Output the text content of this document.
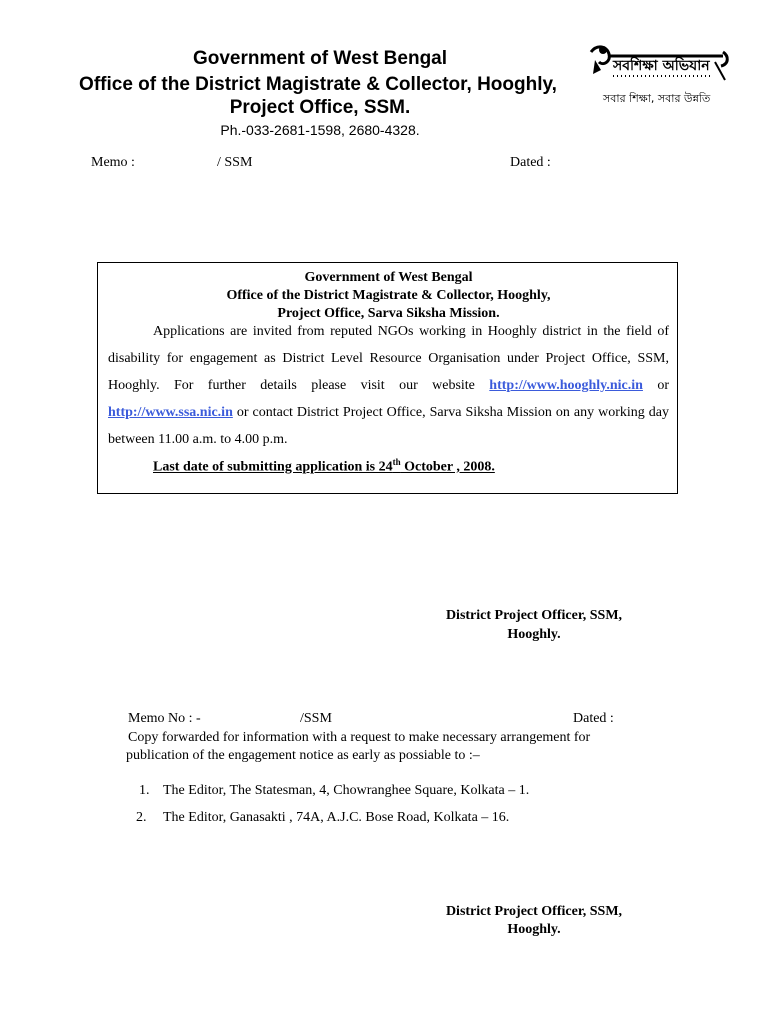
Government of West Bengal
Office of the District Magistrate & Collector, Hooghly,
Project Office, SSM.
Ph.-033-2681-1598, 2680-4328.
সবশিক্ষা অভিযান
সবার শিক্ষা, সবার উন্নতি
Memo :	/ SSM	Dated :
Government of West Bengal
Office of the District Magistrate & Collector, Hooghly,
Project Office, Sarva Siksha Mission.
Applications are invited from reputed NGOs working in Hooghly district in the field of disability for engagement as District Level Resource Organisation under Project Office, SSM, Hooghly. For further details please visit our website http://www.hooghly.nic.in or http://www.ssa.nic.in or contact District Project Office, Sarva Siksha Mission on any working day between 11.00 a.m. to 4.00 p.m.
Last date of submitting application is 24th October , 2008.
District Project Officer, SSM,
Hooghly.
Memo No : -	/SSM	Dated :
Copy forwarded for information with a request to make necessary arrangement for
publication of the engagement notice as early as possiable to :–
1. The Editor, The Statesman, 4, Chowranghee Square, Kolkata – 1.
2. The Editor, Ganasakti , 74A, A.J.C. Bose Road, Kolkata – 16.
District Project Officer, SSM,
Hooghly.
